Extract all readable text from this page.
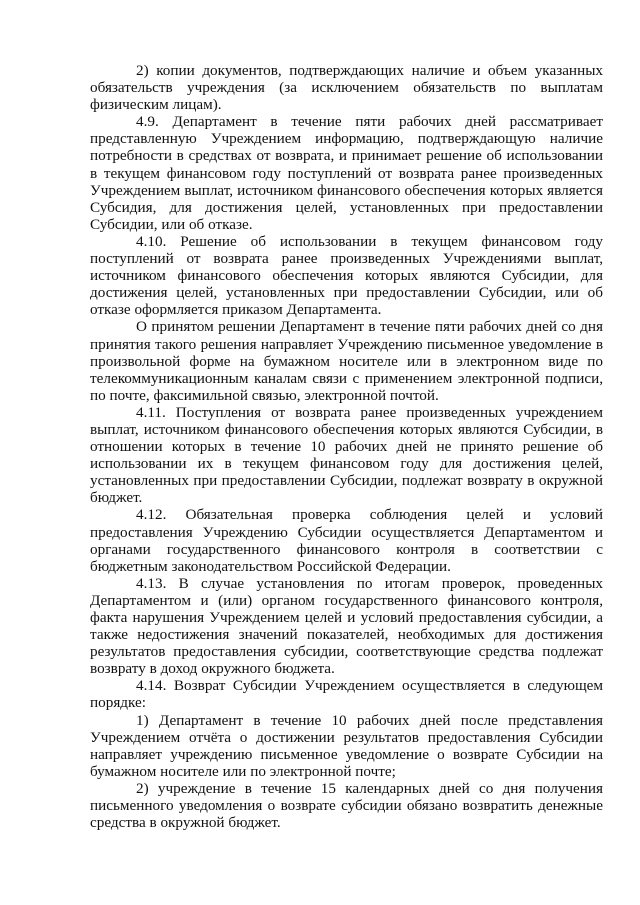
2) копии документов, подтверждающих наличие и объем указанных обязательств учреждения (за исключением обязательств по выплатам физическим лицам).

4.9. Департамент в течение пяти рабочих дней рассматривает представленную Учреждением информацию, подтверждающую наличие потребности в средствах от возврата, и принимает решение об использовании в текущем финансовом году поступлений от возврата ранее произведенных Учреждением выплат, источником финансового обеспечения которых является Субсидия, для достижения целей, установленных при предоставлении Субсидии, или об отказе.

4.10. Решение об использовании в текущем финансовом году поступлений от возврата ранее произведенных Учреждениями выплат, источником финансового обеспечения которых являются Субсидии, для достижения целей, установленных при предоставлении Субсидии, или об отказе оформляется приказом Департамента.

О принятом решении Департамент в течение пяти рабочих дней со дня принятия такого решения направляет Учреждению письменное уведомление в произвольной форме на бумажном носителе или в электронном виде по телекоммуникационным каналам связи с применением электронной подписи, по почте, факсимильной связью, электронной почтой.

4.11. Поступления от возврата ранее произведенных учреждением выплат, источником финансового обеспечения которых являются Субсидии, в отношении которых в течение 10 рабочих дней не принято решение об использовании их в текущем финансовом году для достижения целей, установленных при предоставлении Субсидии, подлежат возврату в окружной бюджет.

4.12. Обязательная проверка соблюдения целей и условий предоставления Учреждению Субсидии осуществляется Департаментом и органами государственного финансового контроля в соответствии с бюджетным законодательством Российской Федерации.

4.13. В случае установления по итогам проверок, проведенных Департаментом и (или) органом государственного финансового контроля, факта нарушения Учреждением целей и условий предоставления субсидии, а также недостижения значений показателей, необходимых для достижения результатов предоставления субсидии, соответствующие средства подлежат возврату в доход окружного бюджета.

4.14. Возврат Субсидии Учреждением осуществляется в следующем порядке:

1) Департамент в течение 10 рабочих дней после представления Учреждением отчёта о достижении результатов предоставления Субсидии направляет учреждению письменное уведомление о возврате Субсидии на бумажном носителе или по электронной почте;

2) учреждение в течение 15 календарных дней со дня получения письменного уведомления о возврате субсидии обязано возвратить денежные средства в окружной бюджет.
